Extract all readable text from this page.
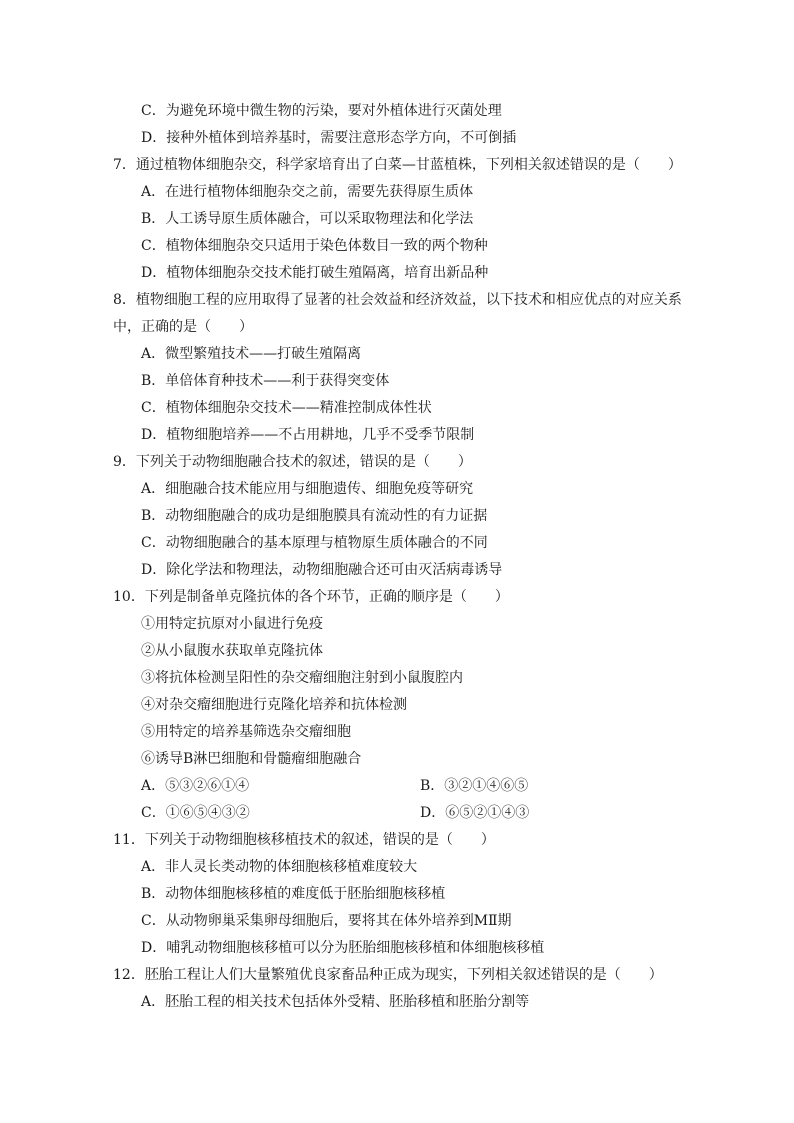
C．为避免环境中微生物的污染，要对外植体进行灭菌处理
D．接种外植体到培养基时，需要注意形态学方向，不可倒插
7．通过植物体细胞杂交，科学家培育出了白菜—甘蓝植株，下列相关叙述错误的是（　　）
A．在进行植物体细胞杂交之前，需要先获得原生质体
B．人工诱导原生质体融合，可以采取物理法和化学法
C．植物体细胞杂交只适用于染色体数目一致的两个物种
D．植物体细胞杂交技术能打破生殖隔离，培育出新品种
8．植物细胞工程的应用取得了显著的社会效益和经济效益，以下技术和相应优点的对应关系
中，正确的是（　　）
A．微型繁殖技术——打破生殖隔离
B．单倍体育种技术——利于获得突变体
C．植物体细胞杂交技术——精准控制成体性状
D．植物细胞培养——不占用耕地，几乎不受季节限制
9．下列关于动物细胞融合技术的叙述，错误的是（　　）
A．细胞融合技术能应用与细胞遗传、细胞免疫等研究
B．动物细胞融合的成功是细胞膜具有流动性的有力证据
C．动物细胞融合的基本原理与植物原生质体融合的不同
D．除化学法和物理法，动物细胞融合还可由灭活病毒诱导
10．下列是制备单克隆抗体的各个环节，正确的顺序是（　　）
①用特定抗原对小鼠进行免疫
②从小鼠腹水获取单克隆抗体
③将抗体检测呈阳性的杂交瘤细胞注射到小鼠腹腔内
④对杂交瘤细胞进行克隆化培养和抗体检测
⑤用特定的培养基筛选杂交瘤细胞
⑥诱导B淋巴细胞和骨髓瘤细胞融合
A．⑤③②⑥①④	B．③②①④⑥⑤
C．①⑥⑤④③②	D．⑥⑤②①④③
11．下列关于动物细胞核移植技术的叙述，错误的是（　　）
A．非人灵长类动物的体细胞核移植难度较大
B．动物体细胞核移植的难度低于胚胎细胞核移植
C．从动物卵巢采集卵母细胞后，要将其在体外培养到MⅡ期
D．哺乳动物细胞核移植可以分为胚胎细胞核移植和体细胞核移植
12．胚胎工程让人们大量繁殖优良家畜品种正成为现实，下列相关叙述错误的是（　　）
A．胚胎工程的相关技术包括体外受精、胚胎移植和胚胎分割等
